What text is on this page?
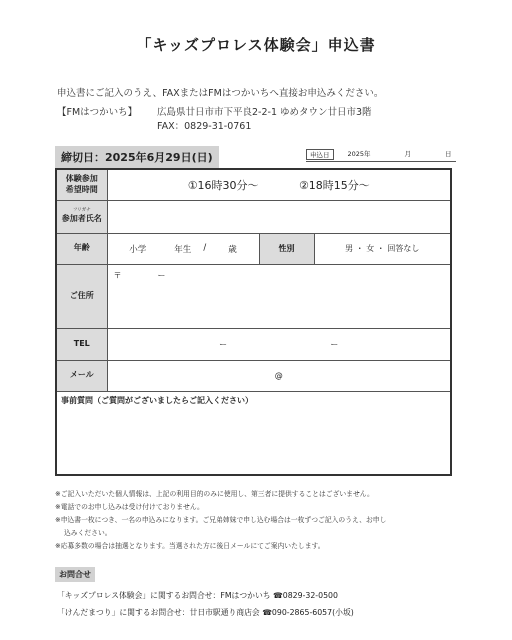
「キッズプロレス体験会」申込書
申込書にご記入のうえ、FAXまたはFMはつかいちへ直接お申込みください。
【FMはつかいち】 広島県廿日市市下平良2-2-1 ゆめタウン廿日市3階
FAX：0829-31-0761
締切日：2025年6月29日(日)	申込日	2025年	月	日
体験参加
希望時間	①16時30分〜 ②18時15分〜		

フリガナ
参加者氏名			
年齢	小学 年生 / 歳	性別	男 ・ 女 ・ 回答なし
ご住所	〒 ー		
TEL	ー ー		

メール	@		
事前質問（ご質問がございましたらご記入ください）			
※ご記入いただいた個人情報は、上記の利用目的のみに使用し、第三者に提供することはございません。
※電話でのお申し込みは受け付けておりません。
※申込書一枚につき、一名の申込みになります。ご兄弟姉妹で申し込む場合は一枚ずつご記入のうえ、お申し
込みください。
※応募多数の場合は抽選となります。当選された方に後日メールにてご案内いたします。
お問合せ
「キッズプロレス体験会」に関するお問合せ：FMはつかいち ☎0829-32-0500
「けんだまつり」に関するお問合せ：廿日市駅通り商店会 ☎090-2865-6057(小坂)
